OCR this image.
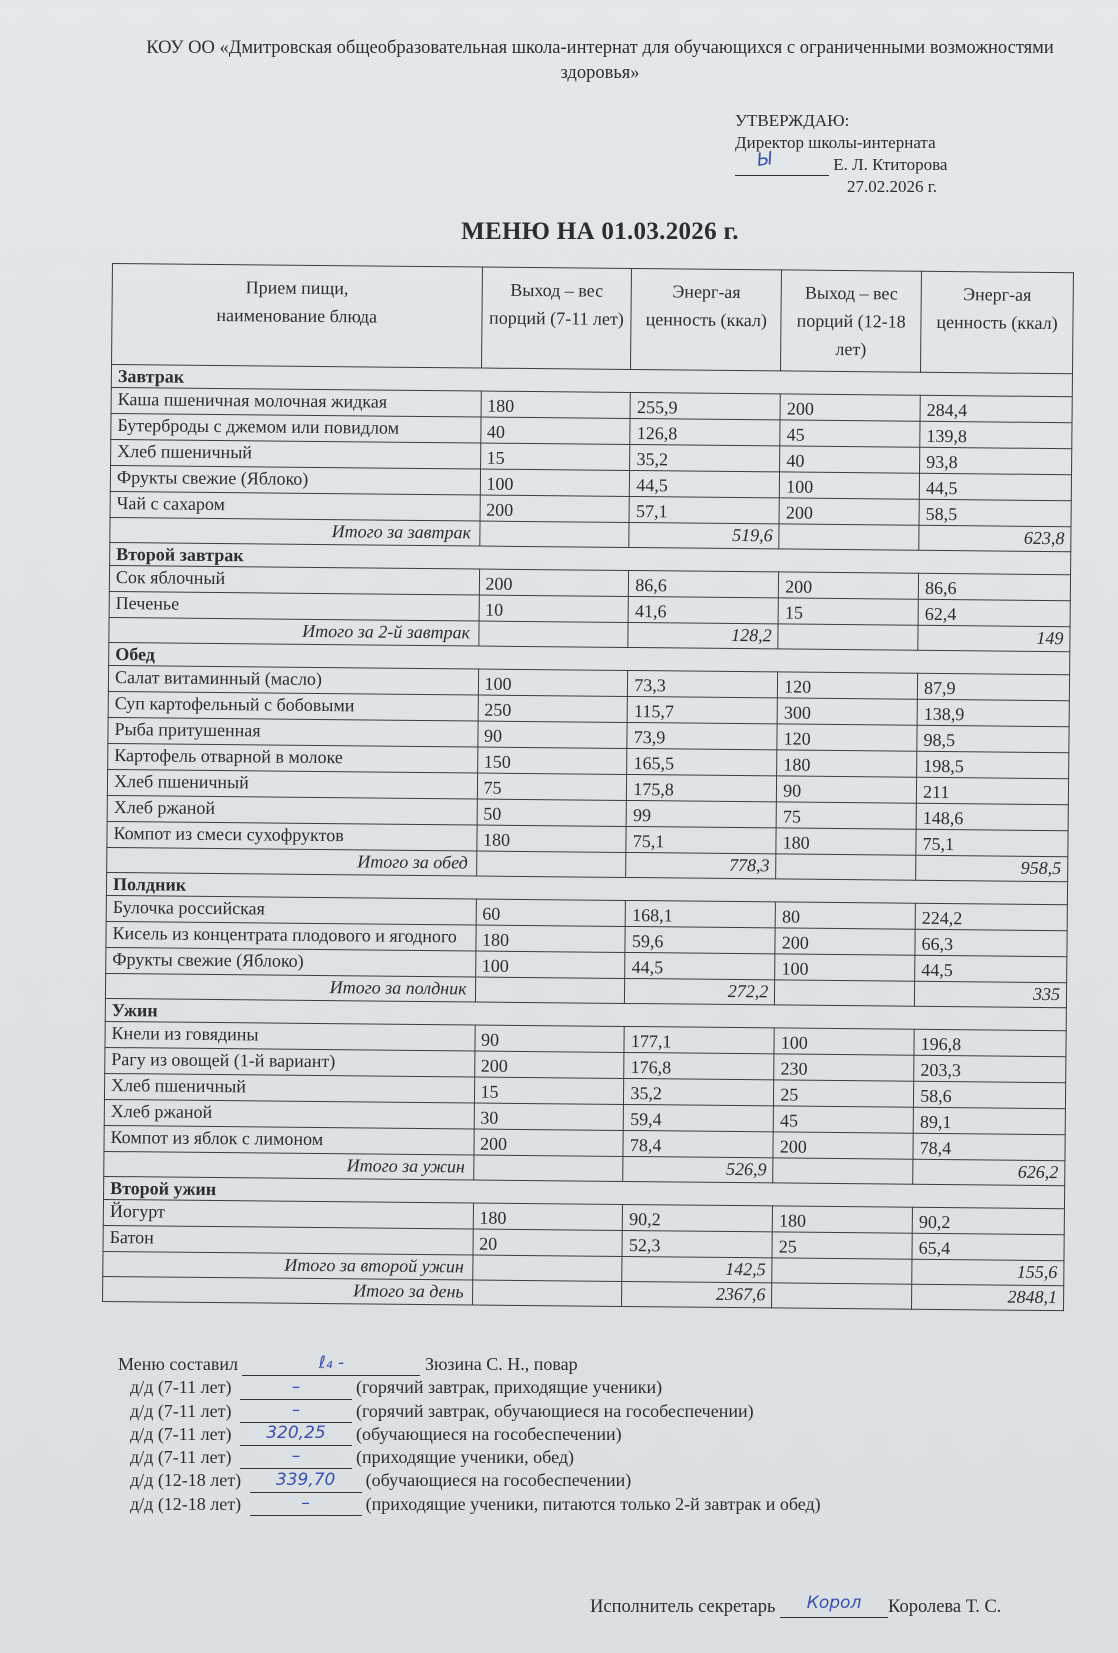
КОУ ОО «Дмитровская общеобразовательная школа-интернат для обучающихся с ограниченными возможностями здоровья»
УТВЕРЖДАЮ:
Директор школы-интерната
Ы	Е. Л. Ктиторова
27.02.2026 г.
МЕНЮ НА 01.03.2026 г.
Прием пищи,
наименование блюда	Выход – вес порций (7-11 лет)	Энерг-ая ценность (ккал)	Выход – вес порций (12-18 лет)	Энерг-ая ценность (ккал)
Завтрак				
Каша пшеничная молочная жидкая	180	255,9	200	284,4
Бутерброды с джемом или повидлом	40	126,8	45	139,8
Хлеб пшеничный	15	35,2	40	93,8
Фрукты свежие (Яблоко)	100	44,5	100	44,5
Чай с сахаром	200	57,1	200	58,5
Итого за завтрак		519,6		623,8
Второй завтрак				
Сок яблочный	200	86,6	200	86,6
Печенье	10	41,6	15	62,4
Итого за 2-й завтрак		128,2		149
Обед				
Салат витаминный (масло)	100	73,3	120	87,9
Суп картофельный с бобовыми	250	115,7	300	138,9
Рыба притушенная	90	73,9	120	98,5
Картофель отварной в молоке	150	165,5	180	198,5
Хлеб пшеничный	75	175,8	90	211
Хлеб ржаной	50	99	75	148,6
Компот из смеси сухофруктов	180	75,1	180	75,1
Итого за обед		778,3		958,5
Полдник				
Булочка российская	60	168,1	80	224,2
Кисель из концентрата плодового и ягодного	180	59,6	200	66,3
Фрукты свежие (Яблоко)	100	44,5	100	44,5
Итого за полдник		272,2		335
Ужин				
Кнели из говядины	90	177,1	100	196,8
Рагу из овощей (1-й вариант)	200	176,8	230	203,3
Хлеб пшеничный	15	35,2	25	58,6
Хлеб ржаной	30	59,4	45	89,1
Компот из яблок с лимоном	200	78,4	200	78,4
Итого за ужин		526,9		626,2
Второй ужин				
Йогурт	180	90,2	180	90,2
Батон	20	52,3	25	65,4
Итого за второй ужин		142,5		155,6
Итого за день		2367,6		2848,1
Меню составил	ℓ₄ -	Зюзина С. Н., повар
д/д (7-11 лет)	–	(горячий завтрак, приходящие ученики)
д/д (7-11 лет)	–	(горячий завтрак, обучающиеся на гособеспечении)
д/д (7-11 лет) 320,25 (обучающиеся на гособеспечении)
д/д (7-11 лет)	–	(приходящие ученики, обед)
д/д (12-18 лет) 339,70 (обучающиеся на гособеспечении)
д/д (12-18 лет)	–	(приходящие ученики, питаются только 2-й завтрак и обед)
Исполнитель секретарь Корол Королева Т. С.
